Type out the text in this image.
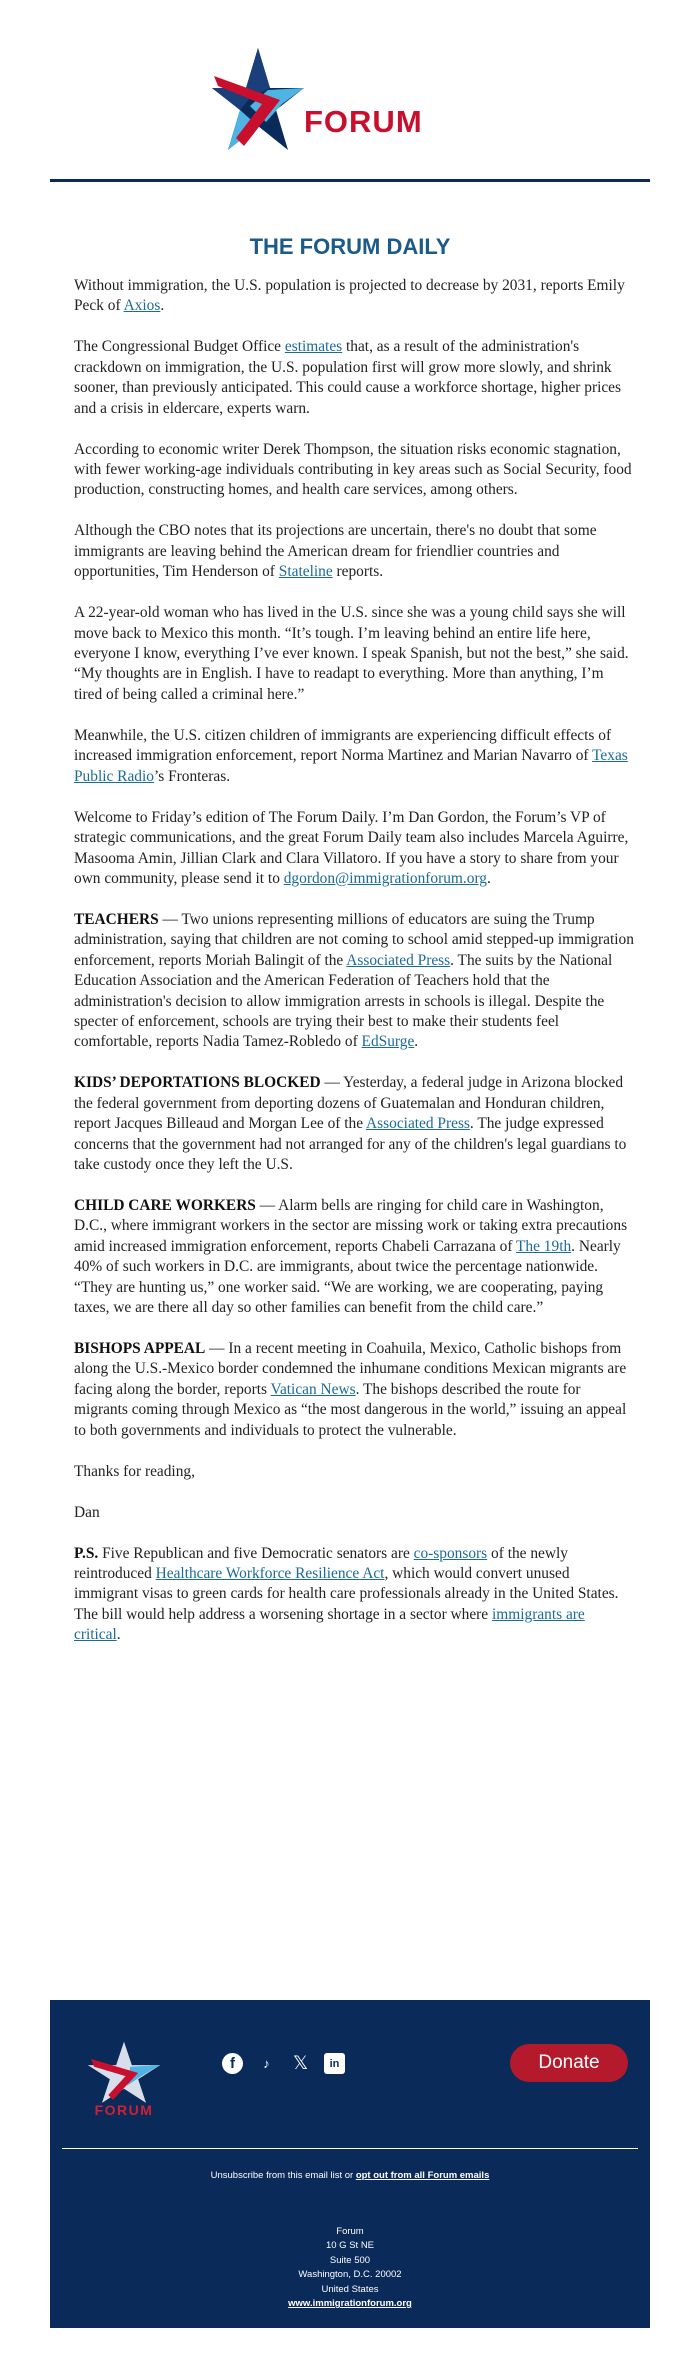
FORUM
THE FORUM DAILY

Without immigration, the U.S. population is projected to decrease by 2031, reports Emily Peck of Axios.

The Congressional Budget Office estimates that, as a result of the administration's crackdown on immigration, the U.S. population first will grow more slowly, and shrink sooner, than previously anticipated. This could cause a workforce shortage, higher prices and a crisis in eldercare, experts warn.

According to economic writer Derek Thompson, the situation risks economic stagnation, with fewer working-age individuals contributing in key areas such as Social Security, food production, constructing homes, and health care services, among others.

Although the CBO notes that its projections are uncertain, there's no doubt that some immigrants are leaving behind the American dream for friendlier countries and opportunities, Tim Henderson of Stateline reports.

A 22-year-old woman who has lived in the U.S. since she was a young child says she will move back to Mexico this month. “It’s tough. I’m leaving behind an entire life here, everyone I know, everything I’ve ever known. I speak Spanish, but not the best,” she said. “My thoughts are in English. I have to readapt to everything. More than anything, I’m tired of being called a criminal here.”

Meanwhile, the U.S. citizen children of immigrants are experiencing difficult effects of increased immigration enforcement, report Norma Martinez and Marian Navarro of Texas Public Radio’s Fronteras.

Welcome to Friday’s edition of The Forum Daily. I’m Dan Gordon, the Forum’s VP of strategic communications, and the great Forum Daily team also includes Marcela Aguirre, Masooma Amin, Jillian Clark and Clara Villatoro. If you have a story to share from your own community, please send it to dgordon@immigrationforum.org.

TEACHERS — Two unions representing millions of educators are suing the Trump administration, saying that children are not coming to school amid stepped-up immigration enforcement, reports Moriah Balingit of the Associated Press. The suits by the National Education Association and the American Federation of Teachers hold that the administration's decision to allow immigration arrests in schools is illegal. Despite the specter of enforcement, schools are trying their best to make their students feel comfortable, reports Nadia Tamez-Robledo of EdSurge.

KIDS’ DEPORTATIONS BLOCKED — Yesterday, a federal judge in Arizona blocked the federal government from deporting dozens of Guatemalan and Honduran children, report Jacques Billeaud and Morgan Lee of the Associated Press. The judge expressed concerns that the government had not arranged for any of the children's legal guardians to take custody once they left the U.S.

CHILD CARE WORKERS — Alarm bells are ringing for child care in Washington, D.C., where immigrant workers in the sector are missing work or taking extra precautions amid increased immigration enforcement, reports Chabeli Carrazana of The 19th. Nearly 40% of such workers in D.C. are immigrants, about twice the percentage nationwide. “They are hunting us,” one worker said. “We are working, we are cooperating, paying taxes, we are there all day so other families can benefit from the child care.”

BISHOPS APPEAL — In a recent meeting in Coahuila, Mexico, Catholic bishops from along the U.S.-Mexico border condemned the inhumane conditions Mexican migrants are facing along the border, reports Vatican News. The bishops described the route for migrants coming through Mexico as “the most dangerous in the world,” issuing an appeal to both governments and individuals to protect the vulnerable.

Thanks for reading,

Dan

P.S. Five Republican and five Democratic senators are co-sponsors of the newly reintroduced Healthcare Workforce Resilience Act, which would convert unused immigrant visas to green cards for health care professionals already in the United States. The bill would help address a worsening shortage in a sector where immigrants are critical.

FORUM
f	♪	𝕏	in	Donate
Unsubscribe from this email list or opt out from all Forum emails
Forum
10 G St NE
Suite 500
Washington, D.C. 20002
United States
www.immigrationforum.org
